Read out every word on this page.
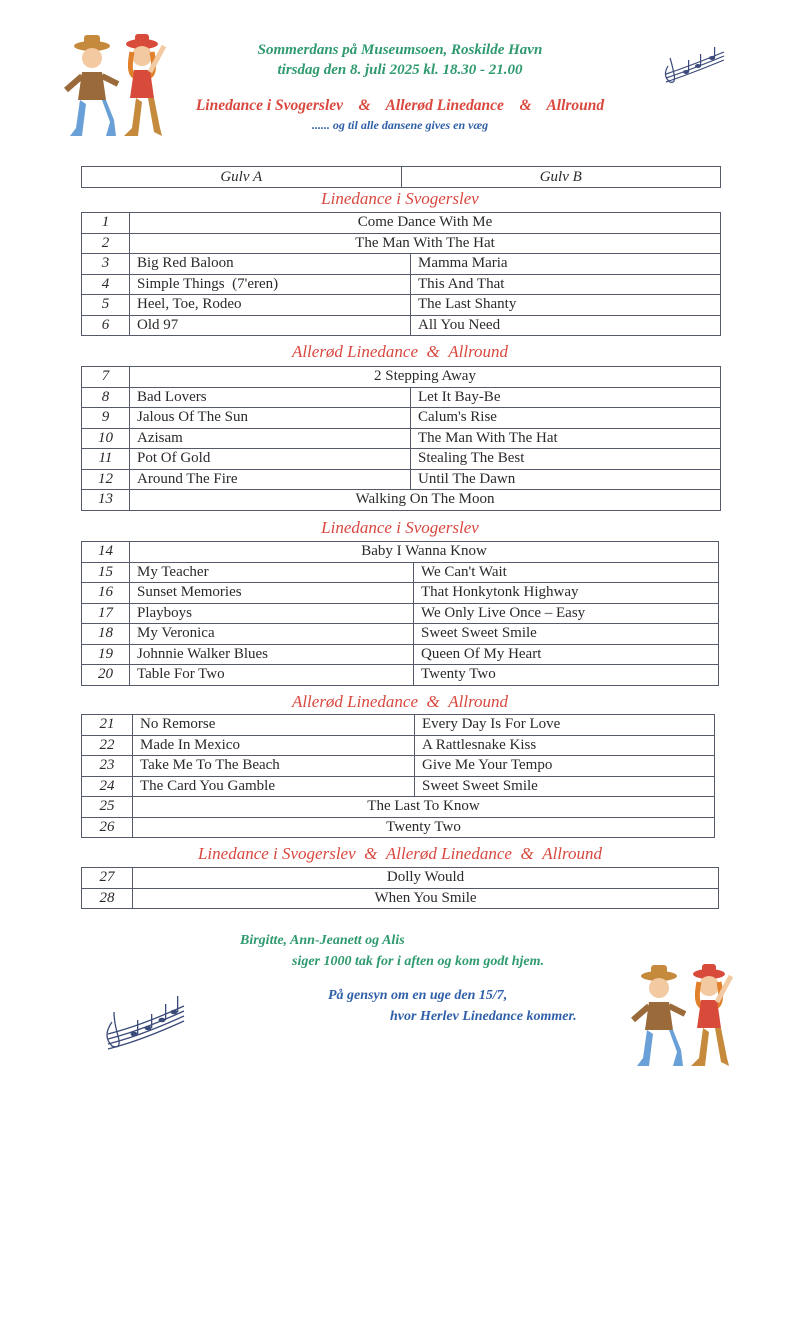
Sommerdans på Museumsoen, Roskilde Havn
tirsdag den 8. juli 2025 kl. 18.30 - 21.00
Linedance i Svogerslev & Allerød Linedance & Allround
...... og til alle dansene gives en væg
Gulv A	Gulv B
Linedance i Svogerslev
1	Come Dance With Me	
2	The Man With The Hat	
3	Big Red Baloon	Mamma Maria
4	Simple Things  (7'eren)	This And That
5	Heel, Toe, Rodeo	The Last Shanty
6	Old 97	All You Need
Allerød Linedance & Allround
7	2 Stepping Away	
8	Bad Lovers	Let It Bay-Be
9	Jalous Of The Sun	Calum's Rise
10	Azisam	The Man With The Hat
11	Pot Of Gold	Stealing The Best
12	Around The Fire	Until The Dawn
13	Walking On The Moon	
Linedance i Svogerslev
14	Baby I Wanna Know	
15	My Teacher	We Can't Wait
16	Sunset Memories	That Honkytonk Highway
17	Playboys	We Only Live Once – Easy
18	My Veronica	Sweet Sweet Smile
19	Johnnie Walker Blues	Queen Of My Heart
20	Table For Two	Twenty Two
Allerød Linedance & Allround
21	No Remorse	Every Day Is For Love
22	Made In Mexico	A Rattlesnake Kiss
23	Take Me To The Beach	Give Me Your Tempo
24	The Card You Gamble	Sweet Sweet Smile
25	The Last To Know	
26	Twenty Two	
Linedance i Svogerslev & Allerød Linedance & Allround
27	Dolly Would
28	When You Smile
Birgitte, Ann-Jeanett og Alis
siger 1000 tak for i aften og kom godt hjem.
På gensyn om en uge den 15/7,
hvor Herlev Linedance kommer.
